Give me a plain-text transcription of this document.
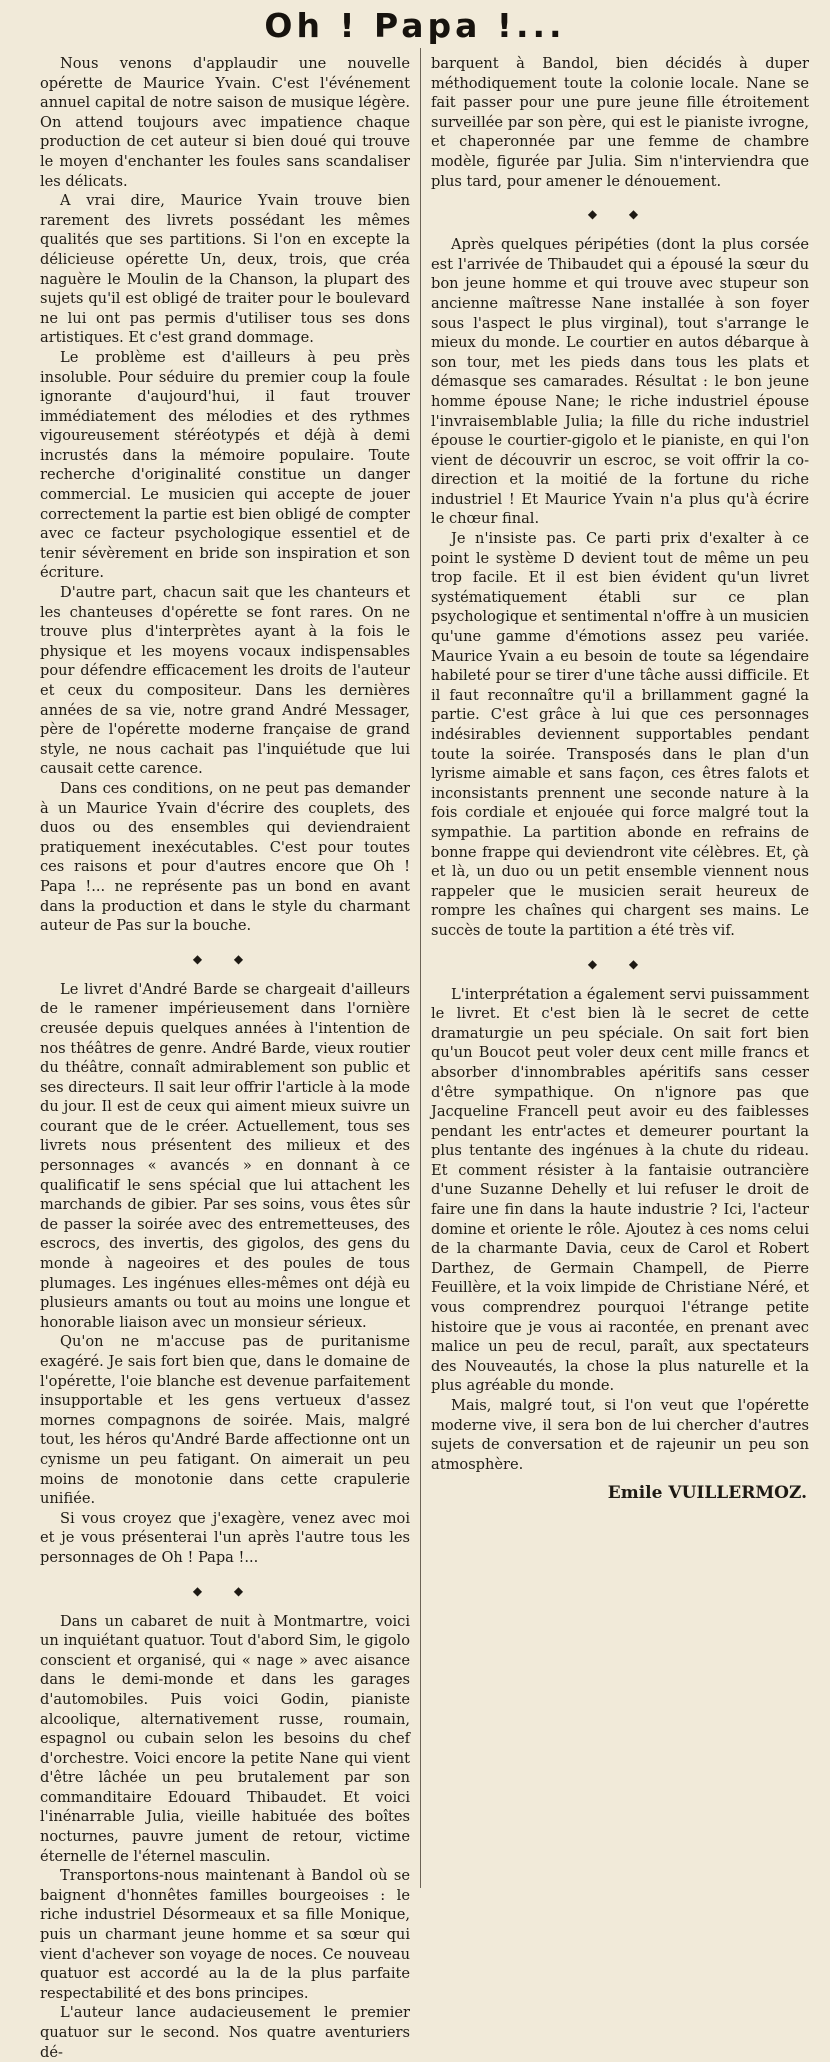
Oh ! Papa !...

Nous venons d'applaudir une nouvelle opérette de Maurice Yvain. C'est l'événement annuel capital de notre saison de musique légère. On attend toujours avec impatience chaque production de cet auteur si bien doué qui trouve le moyen d'enchanter les foules sans scandaliser les délicats.

A vrai dire, Maurice Yvain trouve bien rarement des livrets possédant les mêmes qualités que ses partitions. Si l'on en excepte la délicieuse opérette Un, deux, trois, que créa naguère le Moulin de la Chanson, la plupart des sujets qu'il est obligé de traiter pour le boulevard ne lui ont pas permis d'utiliser tous ses dons artistiques. Et c'est grand dommage.

Le problème est d'ailleurs à peu près insoluble. Pour séduire du premier coup la foule ignorante d'aujourd'hui, il faut trouver immédiatement des mélodies et des rythmes vigoureusement stéréotypés et déjà à demi incrustés dans la mémoire populaire. Toute recherche d'originalité constitue un danger commercial. Le musicien qui accepte de jouer correctement la partie est bien obligé de compter avec ce facteur psychologique essentiel et de tenir sévèrement en bride son inspiration et son écriture.

D'autre part, chacun sait que les chanteurs et les chanteuses d'opérette se font rares. On ne trouve plus d'interprètes ayant à la fois le physique et les moyens vocaux indispensables pour défendre efficacement les droits de l'auteur et ceux du compositeur. Dans les dernières années de sa vie, notre grand André Messager, père de l'opérette moderne française de grand style, ne nous cachait pas l'inquiétude que lui causait cette carence.

Dans ces conditions, on ne peut pas demander à un Maurice Yvain d'écrire des couplets, des duos ou des ensembles qui deviendraient pratiquement inexécutables. C'est pour toutes ces raisons et pour d'autres encore que Oh ! Papa !... ne représente pas un bond en avant dans la production et dans le style du charmant auteur de Pas sur la bouche.

◆ ◆

Le livret d'André Barde se chargeait d'ailleurs de le ramener impérieusement dans l'ornière creusée depuis quelques années à l'intention de nos théâtres de genre. André Barde, vieux routier du théâtre, connaît admirablement son public et ses directeurs. Il sait leur offrir l'article à la mode du jour. Il est de ceux qui aiment mieux suivre un courant que de le créer. Actuellement, tous ses livrets nous présentent des milieux et des personnages « avancés » en donnant à ce qualificatif le sens spécial que lui attachent les marchands de gibier. Par ses soins, vous êtes sûr de passer la soirée avec des entremetteuses, des escrocs, des invertis, des gigolos, des gens du monde à nageoires et des poules de tous plumages. Les ingénues elles-mêmes ont déjà eu plusieurs amants ou tout au moins une longue et honorable liaison avec un monsieur sérieux.

Qu'on ne m'accuse pas de puritanisme exagéré. Je sais fort bien que, dans le domaine de l'opérette, l'oie blanche est devenue parfaitement insupportable et les gens vertueux d'assez mornes compagnons de soirée. Mais, malgré tout, les héros qu'André Barde affectionne ont un cynisme un peu fatigant. On aimerait un peu moins de monotonie dans cette crapulerie unifiée.

Si vous croyez que j'exagère, venez avec moi et je vous présenterai l'un après l'autre tous les personnages de Oh ! Papa !...

◆ ◆

Dans un cabaret de nuit à Montmartre, voici un inquiétant quatuor. Tout d'abord Sim, le gigolo conscient et organisé, qui « nage » avec aisance dans le demi-monde et dans les garages d'automobiles. Puis voici Godin, pianiste alcoolique, alternativement russe, roumain, espagnol ou cubain selon les besoins du chef d'orchestre. Voici encore la petite Nane qui vient d'être lâchée un peu brutalement par son commanditaire Edouard Thibaudet. Et voici l'inénarrable Julia, vieille habituée des boîtes nocturnes, pauvre jument de retour, victime éternelle de l'éternel masculin.

Transportons-nous maintenant à Bandol où se baignent d'honnêtes familles bourgeoises : le riche industriel Désormeaux et sa fille Monique, puis un charmant jeune homme et sa sœur qui vient d'achever son voyage de noces. Ce nouveau quatuor est accordé au la de la plus parfaite respectabilité et des bons principes.

L'auteur lance audacieusement le premier quatuor sur le second. Nos quatre aventuriers dé-

barquent à Bandol, bien décidés à duper méthodiquement toute la colonie locale. Nane se fait passer pour une pure jeune fille étroitement surveillée par son père, qui est le pianiste ivrogne, et chaperonnée par une femme de chambre modèle, figurée par Julia. Sim n'interviendra que plus tard, pour amener le dénouement.

◆ ◆

Après quelques péripéties (dont la plus corsée est l'arrivée de Thibaudet qui a épousé la sœur du bon jeune homme et qui trouve avec stupeur son ancienne maîtresse Nane installée à son foyer sous l'aspect le plus virginal), tout s'arrange le mieux du monde. Le courtier en autos débarque à son tour, met les pieds dans tous les plats et démasque ses camarades. Résultat : le bon jeune homme épouse Nane; le riche industriel épouse l'invraisemblable Julia; la fille du riche industriel épouse le courtier-gigolo et le pianiste, en qui l'on vient de découvrir un escroc, se voit offrir la co-direction et la moitié de la fortune du riche industriel ! Et Maurice Yvain n'a plus qu'à écrire le chœur final.

Je n'insiste pas. Ce parti prix d'exalter à ce point le système D devient tout de même un peu trop facile. Et il est bien évident qu'un livret systématiquement établi sur ce plan psychologique et sentimental n'offre à un musicien qu'une gamme d'émotions assez peu variée. Maurice Yvain a eu besoin de toute sa légendaire habileté pour se tirer d'une tâche aussi difficile. Et il faut reconnaître qu'il a brillamment gagné la partie. C'est grâce à lui que ces personnages indésirables deviennent supportables pendant toute la soirée. Transposés dans le plan d'un lyrisme aimable et sans façon, ces êtres falots et inconsistants prennent une seconde nature à la fois cordiale et enjouée qui force malgré tout la sympathie. La partition abonde en refrains de bonne frappe qui deviendront vite célèbres. Et, çà et là, un duo ou un petit ensemble viennent nous rappeler que le musicien serait heureux de rompre les chaînes qui chargent ses mains. Le succès de toute la partition a été très vif.

◆ ◆

L'interprétation a également servi puissamment le livret. Et c'est bien là le secret de cette dramaturgie un peu spéciale. On sait fort bien qu'un Boucot peut voler deux cent mille francs et absorber d'innombrables apéritifs sans cesser d'être sympathique. On n'ignore pas que Jacqueline Francell peut avoir eu des faiblesses pendant les entr'actes et demeurer pourtant la plus tentante des ingénues à la chute du rideau. Et comment résister à la fantaisie outrancière d'une Suzanne Dehelly et lui refuser le droit de faire une fin dans la haute industrie ? Ici, l'acteur domine et oriente le rôle. Ajoutez à ces noms celui de la charmante Davia, ceux de Carol et Robert Darthez, de Germain Champell, de Pierre Feuillère, et la voix limpide de Christiane Néré, et vous comprendrez pourquoi l'étrange petite histoire que je vous ai racontée, en prenant avec malice un peu de recul, paraît, aux spectateurs des Nouveautés, la chose la plus naturelle et la plus agréable du monde.

Mais, malgré tout, si l'on veut que l'opérette moderne vive, il sera bon de lui chercher d'autres sujets de conversation et de rajeunir un peu son atmosphère.

Emile VUILLERMOZ.
